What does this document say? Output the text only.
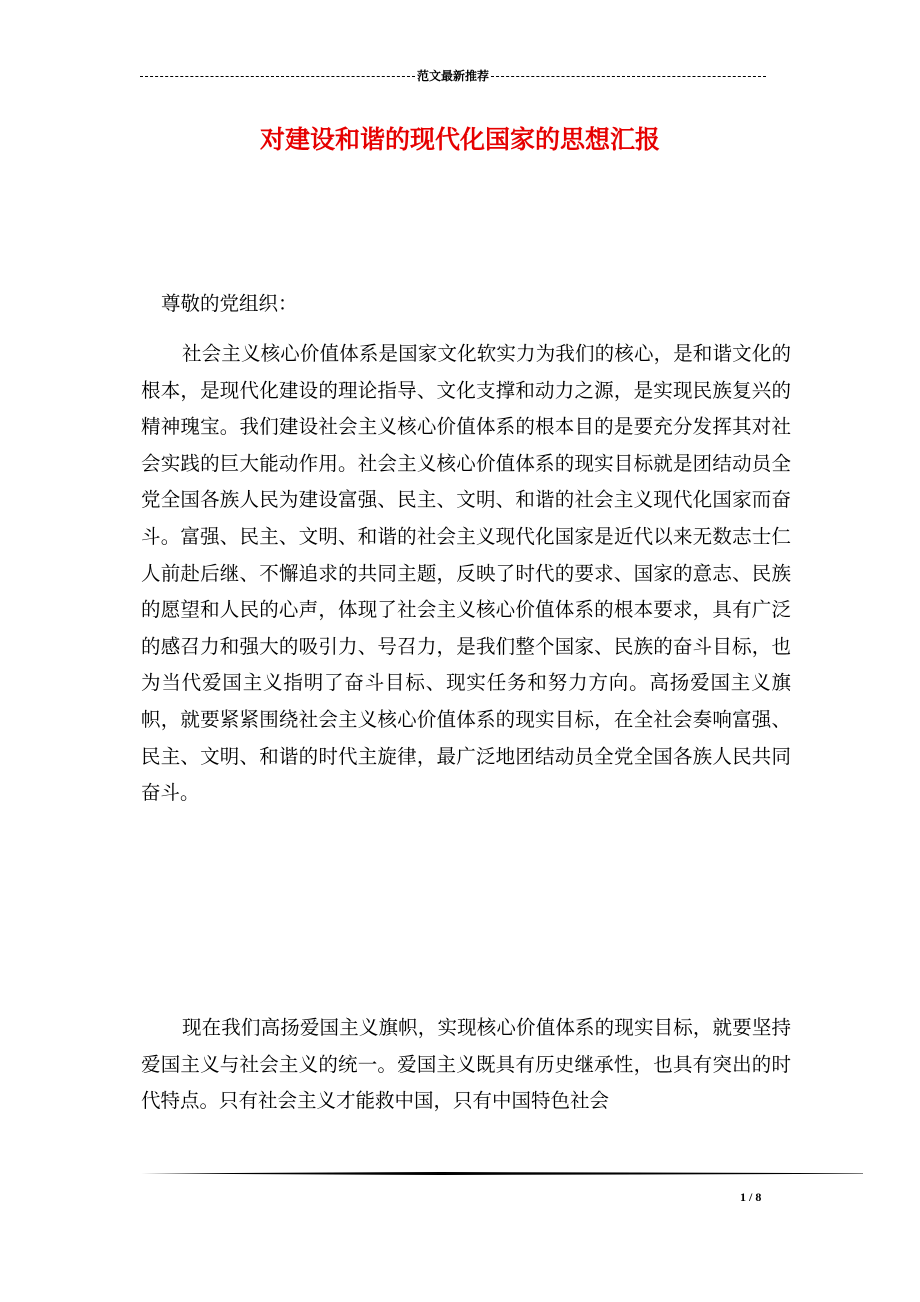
范文最新推荐
对建设和谐的现代化国家的思想汇报
尊敬的党组织：
社会主义核心价值体系是国家文化软实力为我们的核心，是和谐文化的根本，是现代化建设的理论指导、文化支撑和动力之源，是实现民族复兴的精神瑰宝。我们建设社会主义核心价值体系的根本目的是要充分发挥其对社会实践的巨大能动作用。社会主义核心价值体系的现实目标就是团结动员全党全国各族人民为建设富强、民主、文明、和谐的社会主义现代化国家而奋斗。富强、民主、文明、和谐的社会主义现代化国家是近代以来无数志士仁人前赴后继、不懈追求的共同主题，反映了时代的要求、国家的意志、民族的愿望和人民的心声，体现了社会主义核心价值体系的根本要求，具有广泛的感召力和强大的吸引力、号召力，是我们整个国家、民族的奋斗目标，也为当代爱国主义指明了奋斗目标、现实任务和努力方向。高扬爱国主义旗帜，就要紧紧围绕社会主义核心价值体系的现实目标，在全社会奏响富强、民主、文明、和谐的时代主旋律，最广泛地团结动员全党全国各族人民共同奋斗。
现在我们高扬爱国主义旗帜，实现核心价值体系的现实目标，就要坚持爱国主义与社会主义的统一。爱国主义既具有历史继承性，也具有突出的时代特点。只有社会主义才能救中国，只有中国特色社会
1 / 8
